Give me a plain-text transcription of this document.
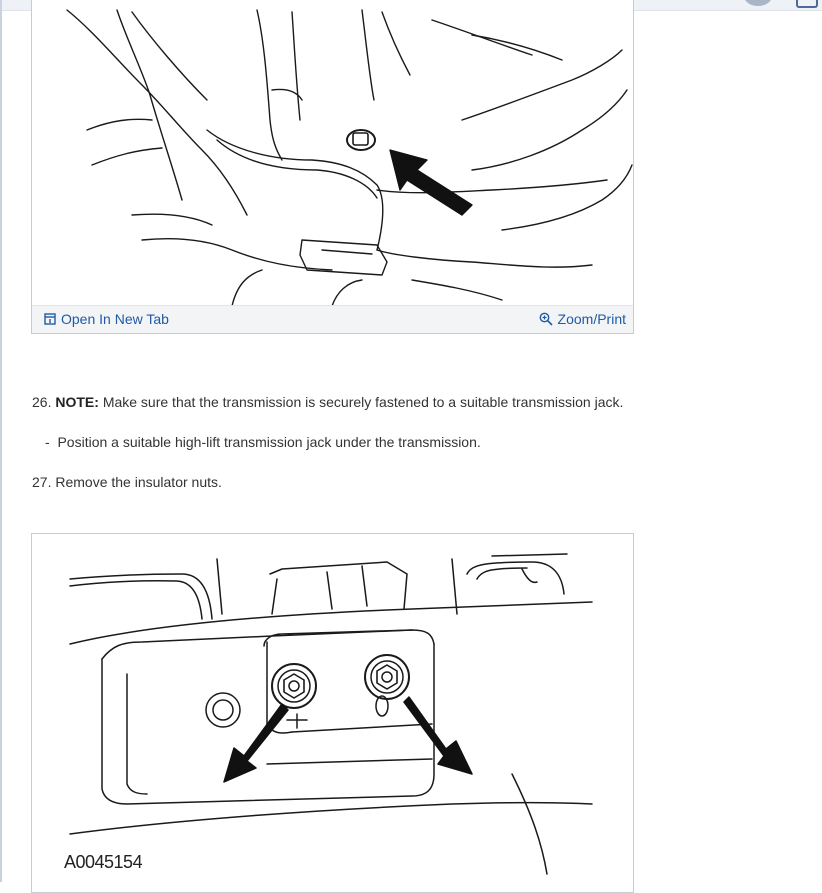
Open In New Tab	Zoom/Print
26. NOTE: Make sure that the transmission is securely fastened to a suitable transmission jack.
- Position a suitable high-lift transmission jack under the transmission.
27. Remove the insulator nuts.
A0045154
